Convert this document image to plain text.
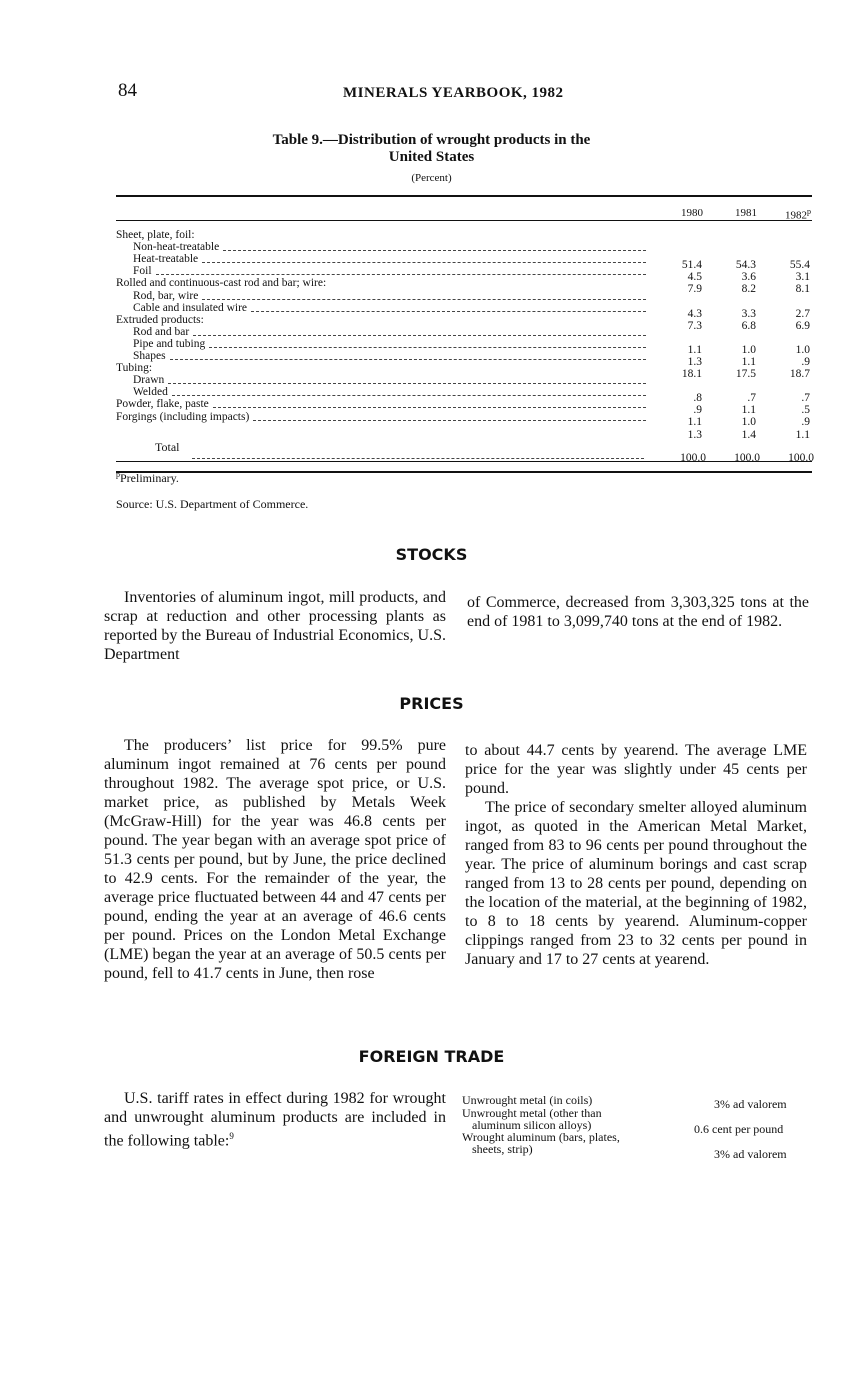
84	MINERALS YEARBOOK, 1982
Table 9.—Distribution of wrought products in the
United States
(Percent)
1980	1981	1982$^p$
Sheet, plate, foil:
Non-heat-treatable
51.4	54.3	55.4
Heat-treatable
4.5	3.6	3.1
Foil
7.9	8.2	8.1
Rolled and continuous-cast rod and bar; wire:
Rod, bar, wire
4.3	3.3	2.7
Cable and insulated wire
7.3	6.8	6.9
Extruded products:
Rod and bar
1.1	1.0	1.0
Pipe and tubing
1.3	1.1	.9
Shapes
18.1	17.5	18.7
Tubing:
Drawn
.8	.7	.7
Welded
.9	1.1	.5
Powder, flake, paste
1.1	1.0	.9
Forgings (including impacts)
1.3	1.4	1.1
Total
100.0	100.0	100.0
$^p$Preliminary.
Source: U.S. Department of Commerce.
STOCKS

Inventories of aluminum ingot, mill products, and scrap at reduction and other processing plants as reported by the Bureau of Industrial Economics, U.S. Department

of Commerce, decreased from 3,303,325 tons at the end of 1981 to 3,099,740 tons at the end of 1982.

PRICES

The producers’ list price for 99.5% pure aluminum ingot remained at 76 cents per pound throughout 1982. The average spot price, or U.S. market price, as published by Metals Week (McGraw-Hill) for the year was 46.8 cents per pound. The year began with an average spot price of 51.3 cents per pound, but by June, the price declined to 42.9 cents. For the remainder of the year, the average price fluctuated between 44 and 47 cents per pound, ending the year at an average of 46.6 cents per pound. Prices on the London Metal Exchange (LME) began the year at an average of 50.5 cents per pound, fell to 41.7 cents in June, then rose

to about 44.7 cents by yearend. The average LME price for the year was slightly under 45 cents per pound.

The price of secondary smelter alloyed aluminum ingot, as quoted in the American Metal Market, ranged from 83 to 96 cents per pound throughout the year. The price of aluminum borings and cast scrap ranged from 13 to 28 cents per pound, depending on the location of the material, at the beginning of 1982, to 8 to 18 cents by yearend. Aluminum-copper clippings ranged from 23 to 32 cents per pound in January and 17 to 27 cents at yearend.

FOREIGN TRADE

U.S. tariff rates in effect during 1982 for wrought and unwrought aluminum products are included in the following table:$^9$

Unwrought metal (in coils)	3% ad valorem
Unwrought metal (other than
aluminum silicon alloys)	0.6 cent per pound
Wrought aluminum (bars, plates,
sheets, strip)	3% ad valorem
